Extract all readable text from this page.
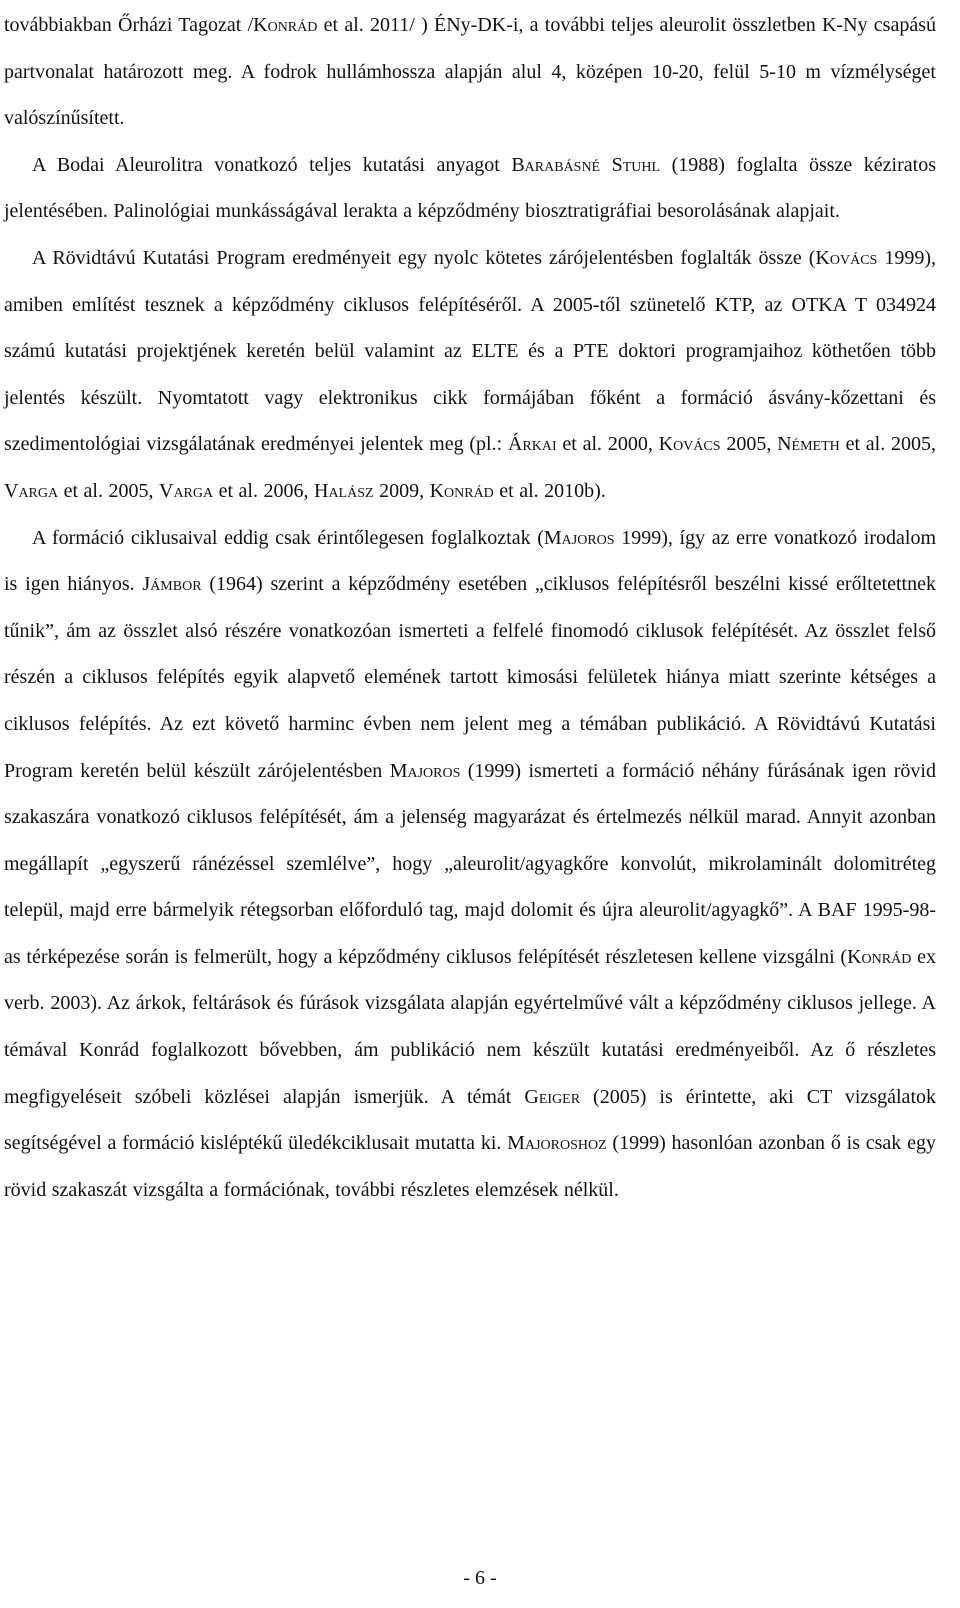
továbbiakban Őrházi Tagozat /Konrád et al. 2011/ ) ÉNy-DK-i, a további teljes aleurolit összletben K-Ny csapású partvonalat határozott meg. A fodrok hullámhossza alapján alul 4, középen 10-20, felül 5-10 m vízmélységet valószínűsített.

A Bodai Aleurolitra vonatkozó teljes kutatási anyagot Barabásné Stuhl (1988) foglalta össze kéziratos jelentésében. Palinológiai munkásságával lerakta a képződmény biosztratigráfiai besorolásának alapjait.

A Rövidtávú Kutatási Program eredményeit egy nyolc kötetes zárójelentésben foglalták össze (Kovács 1999), amiben említést tesznek a képződmény ciklusos felépítéséről. A 2005-től szünetelő KTP, az OTKA T 034924 számú kutatási projektjének keretén belül valamint az ELTE és a PTE doktori programjaihoz köthetően több jelentés készült. Nyomtatott vagy elektronikus cikk formájában főként a formáció ásvány-kőzettani és szedimentológiai vizsgálatának eredményei jelentek meg (pl.: Árkai et al. 2000, Kovács 2005, Németh et al. 2005, Varga et al. 2005, Varga et al. 2006, Halász 2009, Konrád et al. 2010b).

A formáció ciklusaival eddig csak érintőlegesen foglalkoztak (Majoros 1999), így az erre vonatkozó irodalom is igen hiányos. Jámbor (1964) szerint a képződmény esetében „ciklusos felépítésről beszélni kissé erőltetettnek tűnik”, ám az összlet alsó részére vonatkozóan ismerteti a felfelé finomodó ciklusok felépítését. Az összlet felső részén a ciklusos felépítés egyik alapvető elemének tartott kimosási felületek hiánya miatt szerinte kétséges a ciklusos felépítés. Az ezt követő harminc évben nem jelent meg a témában publikáció. A Rövidtávú Kutatási Program keretén belül készült zárójelentésben Majoros (1999) ismerteti a formáció néhány fúrásának igen rövid szakaszára vonatkozó ciklusos felépítését, ám a jelenség magyarázat és értelmezés nélkül marad. Annyit azonban megállapít „egyszerű ránézéssel szemlélve”, hogy „aleurolit/agyagkőre konvolút, mikrolaminált dolomitréteg települ, majd erre bármelyik rétegsorban előforduló tag, majd dolomit és újra aleurolit/agyagkő”. A BAF 1995-98-as térképezése során is felmerült, hogy a képződmény ciklusos felépítését részletesen kellene vizsgálni (Konrád ex verb. 2003). Az árkok, feltárások és fúrások vizsgálata alapján egyértelművé vált a képződmény ciklusos jellege. A témával Konrád foglalkozott bővebben, ám publikáció nem készült kutatási eredményeiből. Az ő részletes megfigyeléseit szóbeli közlései alapján ismerjük. A témát Geiger (2005) is érintette, aki CT vizsgálatok segítségével a formáció kisléptékű üledékciklusait mutatta ki. Majoroshoz (1999) hasonlóan azonban ő is csak egy rövid szakaszát vizsgálta a formációnak, további részletes elemzések nélkül.

- 6 -
